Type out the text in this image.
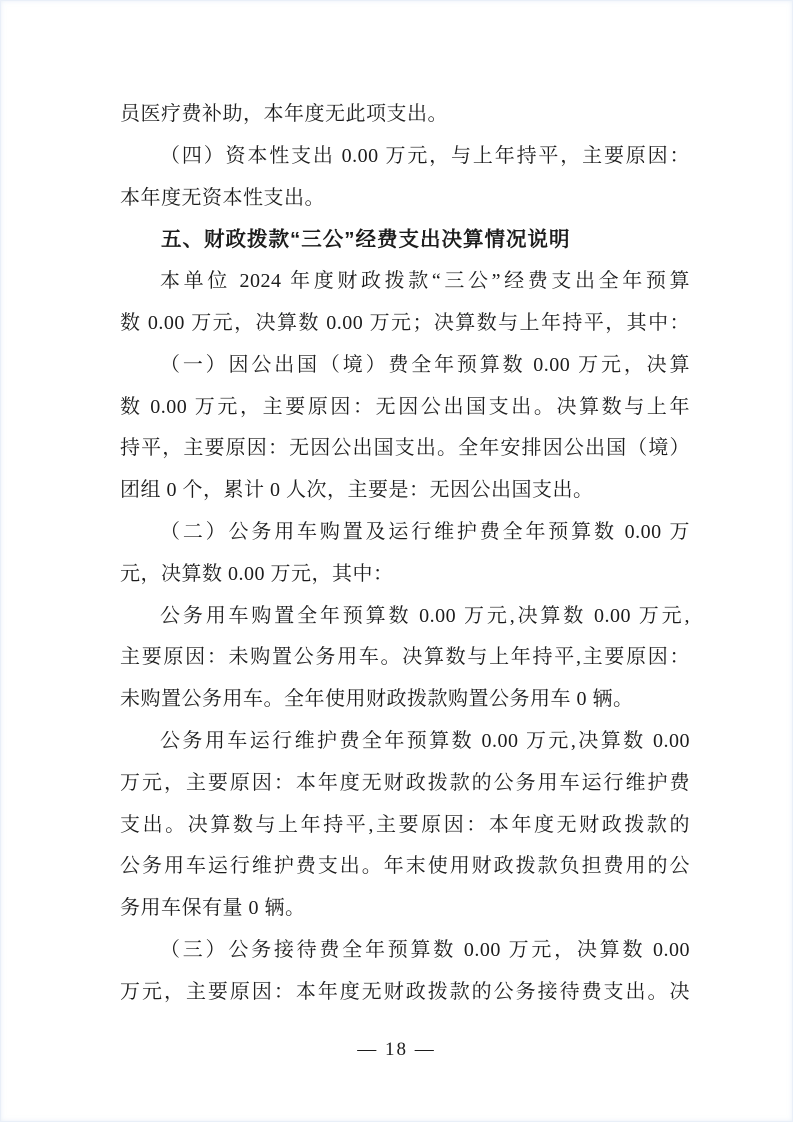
员医疗费补助，本年度无此项支出。
（四）资本性支出 0.00 万元，与上年持平，主要原因：
本年度无资本性支出。
五、财政拨款“三公”经费支出决算情况说明
本单位 2024 年度财政拨款“三公”经费支出全年预算
数 0.00 万元，决算数 0.00 万元；决算数与上年持平，其中：
（一）因公出国（境）费全年预算数 0.00 万元，决算
数 0.00 万元，主要原因：无因公出国支出。决算数与上年
持平，主要原因：无因公出国支出。全年安排因公出国（境）
团组 0 个，累计 0 人次，主要是：无因公出国支出。
（二）公务用车购置及运行维护费全年预算数 0.00 万
元，决算数 0.00 万元，其中：
公务用车购置全年预算数 0.00 万元,决算数 0.00 万元,
主要原因：未购置公务用车。决算数与上年持平,主要原因：
未购置公务用车。全年使用财政拨款购置公务用车 0 辆。
公务用车运行维护费全年预算数 0.00 万元,决算数 0.00
万元，主要原因：本年度无财政拨款的公务用车运行维护费
支出。决算数与上年持平,主要原因：本年度无财政拨款的
公务用车运行维护费支出。年末使用财政拨款负担费用的公
务用车保有量 0 辆。
（三）公务接待费全年预算数 0.00 万元，决算数 0.00
万元，主要原因：本年度无财政拨款的公务接待费支出。决
— 18 —
